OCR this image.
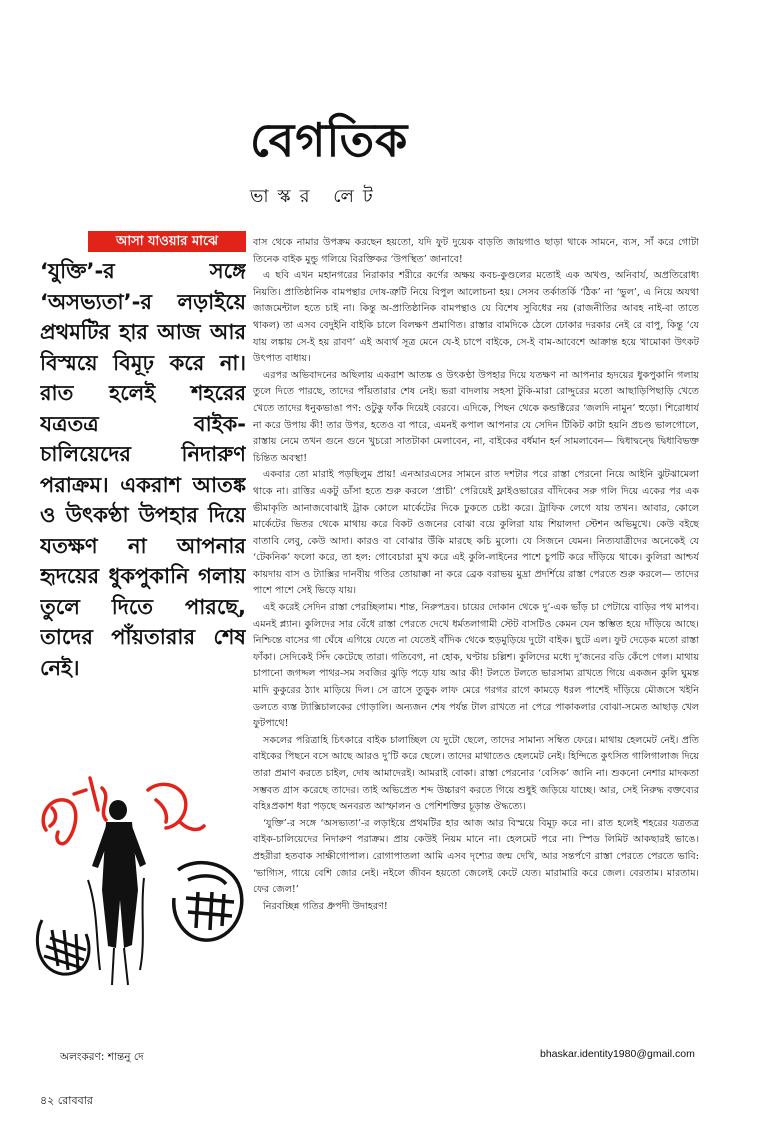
বেগতিক
ভাস্কর লেট
আসা যাওয়ার মাঝে
‘যুক্তি’-র সঙ্গে ‘অসভ্যতা’-র লড়াইয়ে প্রথমটির হার আজ আর বিস্ময়ে বিমূঢ় করে না। রাত হলেই শহরের যত্রতত্র বাইক-চালিয়েদের নিদারুণ পরাক্রম। একরাশ আতঙ্ক ও উৎকণ্ঠা উপহার দিয়ে যতক্ষণ না আপনার হৃদয়ের ধুকপুকানি গলায় তুলে দিতে পারছে, তাদের পাঁয়তারার শেষ নেই।
অলংকরণ: শান্তনু দে
৪২ রোববার

বাস থেকে নামার উপক্রম করছেন হয়তো, যদি ফুট দুয়েক বাড়তি জায়গাও ছাড়া থাকে সামনে, ব্যস, সাঁ করে গোটা তিনেক বাইক মুন্ডু গলিয়ে বিরক্তিকর ‘উপস্থিত’ জানাবে!

এ ছবি এখন মহানগরের নিরাকার শরীরে কর্ণের অক্ষয় কবচ-কুণ্ডলের মতোই এক অখণ্ড, অনিবার্য, অপ্রতিরোধ্য নিয়তি। প্রাতিষ্ঠানিক বামপন্থার দোষ-ত্রুটি নিয়ে বিপুল আলোচনা হয়। সেসব তর্কাতর্কি ‘ঠিক’ না ‘ভুল’, এ নিয়ে অযথা জাজমেন্টাল হতে চাই না। কিন্তু অ-প্রাতিষ্ঠানিক বামপন্থাও যে বিশেষ সুবিধের নয় (রাজনীতির আবহ নাই-বা তাতে থাকল) তা এসব বেদুইনি বাইকি চালে বিলক্ষণ প্রমাণিত। রাস্তার বামদিকে ঠেলে ঢোকার দরকার নেই রে বাপু, কিন্তু ‘যে যায় লঙ্কায় সে-ই হয় রাবণ’ এই অব্যর্থ সূত্র মেনে যে-ই চাপে বাইকে, সে-ই বাম-আবেশে আক্রান্ত হয়ে খামোকা উৎকট উৎপাত বাধায়।

এরপর অভিবাদনের অছিলায় একরাশ আতঙ্ক ও উৎকণ্ঠা উপহার দিয়ে যতক্ষণ না আপনার হৃদয়ের ধুকপুকানি গলায় তুলে দিতে পারছে, তাদের পাঁয়তারার শেষ নেই। ভরা বাদলায় সহসা টুকি-মারা রোদ্দুরের মতো আছাড়িপিছাড়ি খেতে খেতে তাদের ধনুকভাঙা পণ: ওটুকু ফাঁক দিয়েই বেরবে। এদিকে, পিছন থেকে কন্ডাক্টরের ‘জলদি নামুন’ হুড়ো। শিরোধার্য না করে উপায় কী! তার উপর, হতেও বা পারে, এমনই কপাল আপনার যে সেদিন টিকিট কাটা হয়নি প্রচণ্ড ভালগোলে, রাস্তায় নেমে তখন গুনে গুনে খুচরো সাতটাকা মেলাবেন, না, বাইকের বর্ধমান হর্ন সামলাবেন— দ্বিধাদ্বন্দ্বে দ্বিধাবিভক্ত চিন্তিত অবস্থা!

একবার তো মারাই পড়ছিলুম প্রায়! এনআরএসের সামনে রাত দশটার পরে রাস্তা পেরনো নিয়ে আইনি ঝুটঝামেলা থাকে না। রাত্তির একটু ডাঁসা হতে শুরু করলে ‘প্রাচী’ পেরিয়েই ফ্লাইওভারের বাঁদিকের সরু গলি দিয়ে একের পর এক ভীমাকৃতি আনাজবোঝাই ট্রাক কোলে মার্কেটের দিকে ঢুকতে চেষ্টা করে। ট্রাফিক লেগে যায় তখন। আবার, কোলে মার্কেটের ভিতর থেকে মাথায় করে বিকট ওজনের বোঝা বয়ে কুলিরা যায় শিয়ালদা স্টেশন অভিমুখে। কেউ বইছে বাতাবি লেবু, কেউ আদা। কারও বা বোঝার উঁকি মারছে কচি মুলো। যে সিজনে যেমন। নিত্যযাত্রীদের অনেকেই যে ‘টেকনিক’ ফলো করে, তা হল: গোবেচারা মুখ করে এই কুলি-লাইনের পাশে চুপটি করে দাঁড়িয়ে থাকে। কুলিরা আশ্চর্য কায়দায় বাস ও ট্যাক্সির দানবীয় গতির তোয়াক্কা না করে ব্রেক বরাভয় মুদ্রা প্রদর্শিয়ে রাস্তা পেরতে শুরু করলে— তাদের পাশে পাশে সেই ভিড়ে যায়।

এই করেই সেদিন রাস্তা পেরচ্ছিলাম। শান্ত, নিরুপদ্রব। চায়ের দোকান থেকে দু’-এক ভাঁড় চা পেটায়ে বাড়ির পথ মাপব। এমনই প্ল্যান। কুলিদের সার বেঁধে রাস্তা পেরতে দেখে ধর্মতলাগামী স্টেট বাসটিও কেমন যেন স্তম্ভিত হয়ে দাঁড়িয়ে আছে। নিশ্চিন্তে বাসের গা ঘেঁষে এগিয়ে যেতে না যেতেই বাঁদিক থেকে হুড়মুড়িয়ে দুটো বাইক। ছুটে এল। ফুট দেড়েক মতো রাস্তা ফাঁকা। সেদিকেই সিঁদ কেটেছে তারা। গতিবেগ, না হোক, ঘণ্টায় চল্লিশ। কুলিদের মধ্যে দু’জনের বডি কেঁপে গেল। মাথায় চাপানো জগদ্দল পাথর-সম সবজির ঝুড়ি পড়ে যায় আর কী! টলতে টলতে ভারসাম্য রাখতে গিয়ে একজন কুলি ঘুমন্ত মাদি কুকুরের ঠ্যাং মাড়িয়ে দিল। সে ত্রাসে তুড়ুক লাফ মেরে গরগর রাগে কামড়ে ধরল পাশেই দাঁড়িয়ে মৌজসে খইনি ডলতে ব্যস্ত ট্যাক্সিচালকের গোড়ালি। অন্যজন শেষ পর্যন্ত টাল রাখতে না পেরে পাকাকলার বোঝা-সমেত আছাড় খেল ফুটপাথে!

সকলের পরিত্রাহি চিৎকারে বাইক চালাচ্ছিল যে দুটো ছেলে, তাদের সামান্য সম্বিত ফেরে। মাথায় হেলমেট নেই। প্রতি বাইকের পিছনে বসে আছে আরও দু’টি করে ছেলে। তাদের মাথাতেও হেলমেট নেই। হিন্দিতে কুৎসিত গালিগালাজ দিয়ে তারা প্রমাণ করতে চাইল, দোষ আমাদেরই। আমরাই বোকা। রাস্তা পেরনোর ‘বেসিক’ জানি না। শুকনো নেশার মাদকতা সম্ভবত গ্রাস করেছে তাদের। তাই অভিপ্রেত শব্দ উচ্চারণ করতে গিয়ে শুধুই জড়িয়ে যাচ্ছে। আর, সেই নিরুদ্ধ বক্তব্যের বহিঃপ্রকাশ ধরা পড়ছে অনবরত আস্ফালন ও পেশিশক্তির চূড়ান্ত ঔদ্ধত্যে।

‘যুক্তি’-র সঙ্গে ‘অসভ্যতা’-র লড়াইয়ে প্রথমটির হার আজ আর বিস্ময়ে বিমূঢ় করে না। রাত হলেই শহরের যত্রতত্র বাইক-চালিয়েদের নিদারুণ পরাক্রম। প্রায় কেউই নিয়ম মানে না। হেলমেট পরে না। স্পিড লিমিট আকছারই ভাঙে। প্রহরীরা হতবাক সাক্ষীগোপাল। রোগাপাতলা আমি এসব দৃশ্যের জন্ম দেখি, আর সন্তর্পণে রাস্তা পেরতে পেরতে ভাবি: ‘ভাগ্যিস, গায়ে বেশি জোর নেই। নইলে জীবন হয়তো জেলেই কেটে যেত। মারামারি করে জেল। বেরতাম। মারতাম। ফের জেল!’

নিরবচ্ছিন্ন গতির ধ্রুপদী উদাহরণ!

bhaskar.identity1980@gmail.com
